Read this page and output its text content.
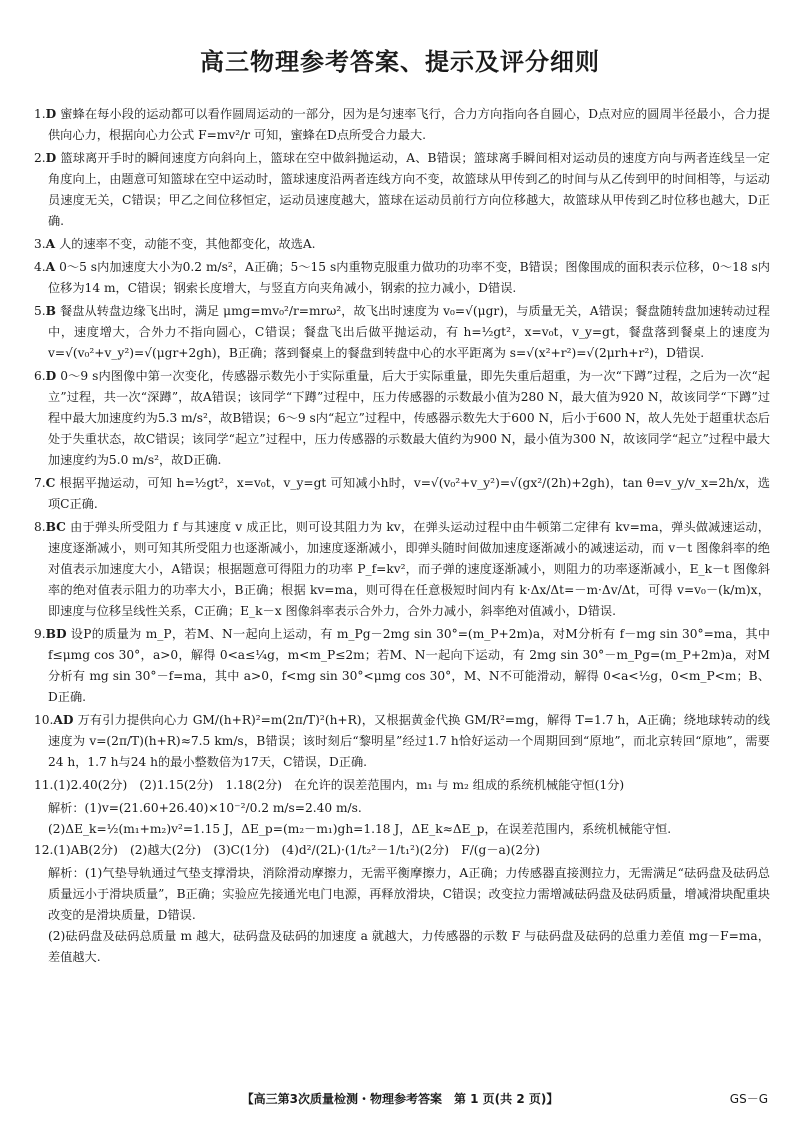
高三物理参考答案、提示及评分细则

1.D 蜜蜂在每小段的运动都可以看作圆周运动的一部分，因为是匀速率飞行，合力方向指向各自圆心，D点对应的圆周半径最小，合力提供向心力，根据向心力公式 F=mv²/r 可知，蜜蜂在D点所受合力最大.

2.D 篮球离开手时的瞬间速度方向斜向上，篮球在空中做斜抛运动，A、B错误；篮球离手瞬间相对运动员的速度方向与两者连线呈一定角度向上，由题意可知篮球在空中运动时，篮球速度沿两者连线方向不变，故篮球从甲传到乙的时间与从乙传到甲的时间相等，与运动员速度无关，C错误；甲乙之间位移恒定，运动员速度越大，篮球在运动员前行方向位移越大，故篮球从甲传到乙时位移也越大，D正确.

3.A 人的速率不变，动能不变，其他都变化，故选A.

4.A 0～5 s内加速度大小为0.2 m/s²，A正确；5～15 s内重物克服重力做功的功率不变，B错误；图像围成的面积表示位移，0～18 s内位移为14 m，C错误；钢索长度增大，与竖直方向夹角减小，钢索的拉力减小，D错误.

5.B 餐盘从转盘边缘飞出时，满足 μmg=mv₀²/r=mrω²，故飞出时速度为 v₀=√(μgr)，与质量无关，A错误；餐盘随转盘加速转动过程中，速度增大，合外力不指向圆心，C错误；餐盘飞出后做平抛运动，有 h=½gt²，x=v₀t，v_y=gt，餐盘落到餐桌上的速度为 v=√(v₀²+v_y²)=√(μgr+2gh)，B正确；落到餐桌上的餐盘到转盘中心的水平距离为 s=√(x²+r²)=√(2μrh+r²)，D错误.

6.D 0～9 s内图像中第一次变化，传感器示数先小于实际重量，后大于实际重量，即先失重后超重，为一次“下蹲”过程，之后为一次“起立”过程，共一次“深蹲”，故A错误；该同学“下蹲”过程中，压力传感器的示数最小值为280 N，最大值为920 N，故该同学“下蹲”过程中最大加速度约为5.3 m/s²，故B错误；6～9 s内“起立”过程中，传感器示数先大于600 N，后小于600 N，故人先处于超重状态后处于失重状态，故C错误；该同学“起立”过程中，压力传感器的示数最大值约为900 N，最小值为300 N，故该同学“起立”过程中最大加速度约为5.0 m/s²，故D正确.

7.C 根据平抛运动，可知 h=½gt²，x=v₀t，v_y=gt 可知减小h时，v=√(v₀²+v_y²)=√(gx²/(2h)+2gh)，tan θ=v_y/v_x=2h/x，选项C正确.

8.BC 由于弹头所受阻力 f 与其速度 v 成正比，则可设其阻力为 kv，在弹头运动过程中由牛顿第二定律有 kv=ma，弹头做减速运动，速度逐渐减小，则可知其所受阻力也逐渐减小，加速度逐渐减小，即弹头随时间做加速度逐渐减小的减速运动，而 v－t 图像斜率的绝对值表示加速度大小，A错误；根据题意可得阻力的功率 P_f=kv²，而子弹的速度逐渐减小，则阻力的功率逐渐减小，E_k－t 图像斜率的绝对值表示阻力的功率大小，B正确；根据 kv=ma，则可得在任意极短时间内有 k·Δx/Δt=－m·Δv/Δt，可得 v=v₀－(k/m)x，即速度与位移呈线性关系，C正确；E_k－x 图像斜率表示合外力，合外力减小，斜率绝对值减小，D错误.

9.BD 设P的质量为 m_P，若M、N一起向上运动，有 m_Pg－2mg sin 30°=(m_P+2m)a，对M分析有 f－mg sin 30°=ma，其中 f≤μmg cos 30°，a>0，解得 0<a≤¼g，m<m_P≤2m；若M、N一起向下运动，有 2mg sin 30°－m_Pg=(m_P+2m)a，对M分析有 mg sin 30°－f=ma，其中 a>0，f<mg sin 30°<μmg cos 30°，M、N不可能滑动，解得 0<a<½g，0<m_P<m；B、D正确.

10.AD 万有引力提供向心力 GM/(h+R)²=m(2π/T)²(h+R)，又根据黄金代换 GM/R²=mg，解得 T=1.7 h，A正确；绕地球转动的线速度为 v=(2π/T)(h+R)≈7.5 km/s，B错误；该时刻后“黎明星”经过1.7 h恰好运动一个周期回到“原地”，而北京转回“原地”，需要24 h，1.7 h与24 h的最小整数倍为17天，C错误，D正确.

11.(1)2.40(2分)　(2)1.15(2分)　1.18(2分)　在允许的误差范围内，m₁ 与 m₂ 组成的系统机械能守恒(1分)

解析：(1)v=(21.60+26.40)×10⁻²/0.2 m/s=2.40 m/s.

(2)ΔE_k=½(m₁+m₂)v²=1.15 J，ΔE_p=(m₂－m₁)gh=1.18 J，ΔE_k≈ΔE_p，在误差范围内，系统机械能守恒.

12.(1)AB(2分)　(2)越大(2分)　(3)C(1分)　(4)d²/(2L)·(1/t₂²－1/t₁²)(2分)　F/(g－a)(2分)

解析：(1)气垫导轨通过气垫支撑滑块，消除滑动摩擦力，无需平衡摩擦力，A正确；力传感器直接测拉力，无需满足“砝码盘及砝码总质量远小于滑块质量”，B正确；实验应先接通光电门电源，再释放滑块，C错误；改变拉力需增减砝码盘及砝码质量，增减滑块配重块改变的是滑块质量，D错误.

(2)砝码盘及砝码总质量 m 越大，砝码盘及砝码的加速度 a 就越大，力传感器的示数 F 与砝码盘及砝码的总重力差值 mg－F=ma，差值越大.

【高三第3次质量检测・物理参考答案　第 1 页(共 2 页)】	GS－G
